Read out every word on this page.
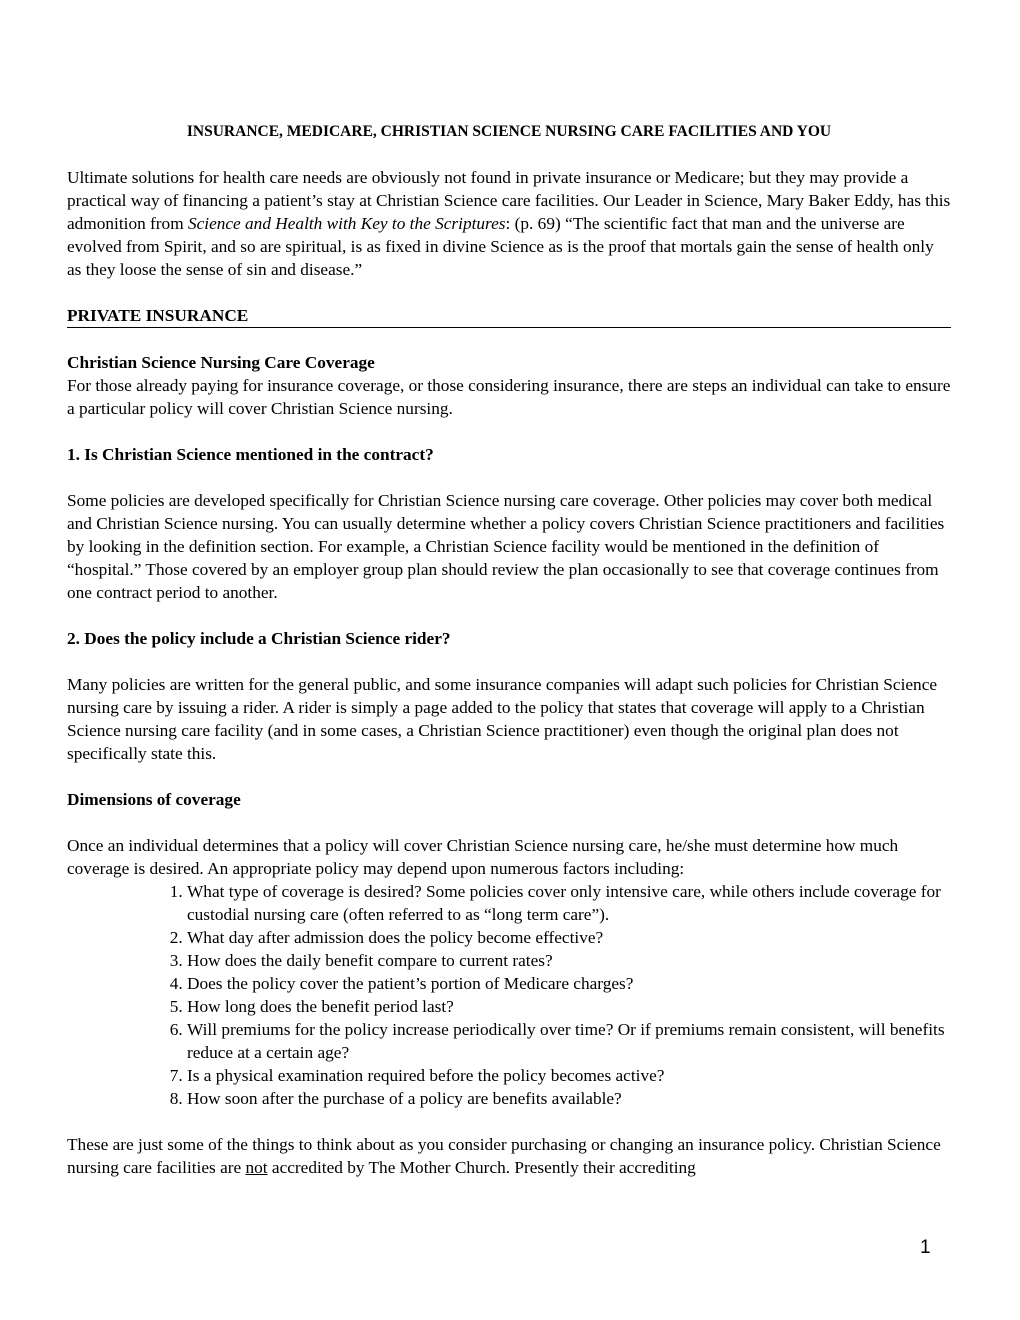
INSURANCE, MEDICARE, CHRISTIAN SCIENCE NURSING CARE FACILITIES AND YOU

Ultimate solutions for health care needs are obviously not found in private insurance or Medicare; but they may provide a practical way of financing a patient’s stay at Christian Science care facilities. Our Leader in Science, Mary Baker Eddy, has this admonition from Science and Health with Key to the Scriptures: (p. 69) “The scientific fact that man and the universe are evolved from Spirit, and so are spiritual, is as fixed in divine Science as is the proof that mortals gain the sense of health only as they loose the sense of sin and disease.”

PRIVATE INSURANCE

Christian Science Nursing Care Coverage

For those already paying for insurance coverage, or those considering insurance, there are steps an individual can take to ensure a particular policy will cover Christian Science nursing.

1. Is Christian Science mentioned in the contract?

Some policies are developed specifically for Christian Science nursing care coverage. Other policies may cover both medical and Christian Science nursing. You can usually determine whether a policy covers Christian Science practitioners and facilities by looking in the definition section. For example, a Christian Science facility would be mentioned in the definition of “hospital.” Those covered by an employer group plan should review the plan occasionally to see that coverage continues from one contract period to another.

2. Does the policy include a Christian Science rider?

Many policies are written for the general public, and some insurance companies will adapt such policies for Christian Science nursing care by issuing a rider. A rider is simply a page added to the policy that states that coverage will apply to a Christian Science nursing care facility (and in some cases, a Christian Science practitioner) even though the original plan does not specifically state this.

Dimensions of coverage

Once an individual determines that a policy will cover Christian Science nursing care, he/she must determine how much coverage is desired. An appropriate policy may depend upon numerous factors including:

1. What type of coverage is desired? Some policies cover only intensive care, while others include coverage for custodial nursing care (often referred to as “long term care”).
2. What day after admission does the policy become effective?
3. How does the daily benefit compare to current rates?
4. Does the policy cover the patient’s portion of Medicare charges?
5. How long does the benefit period last?
6. Will premiums for the policy increase periodically over time? Or if premiums remain consistent, will benefits reduce at a certain age?
7. Is a physical examination required before the policy becomes active?
8. How soon after the purchase of a policy are benefits available?

These are just some of the things to think about as you consider purchasing or changing an insurance policy. Christian Science nursing care facilities are not accredited by The Mother Church. Presently their accrediting

1
